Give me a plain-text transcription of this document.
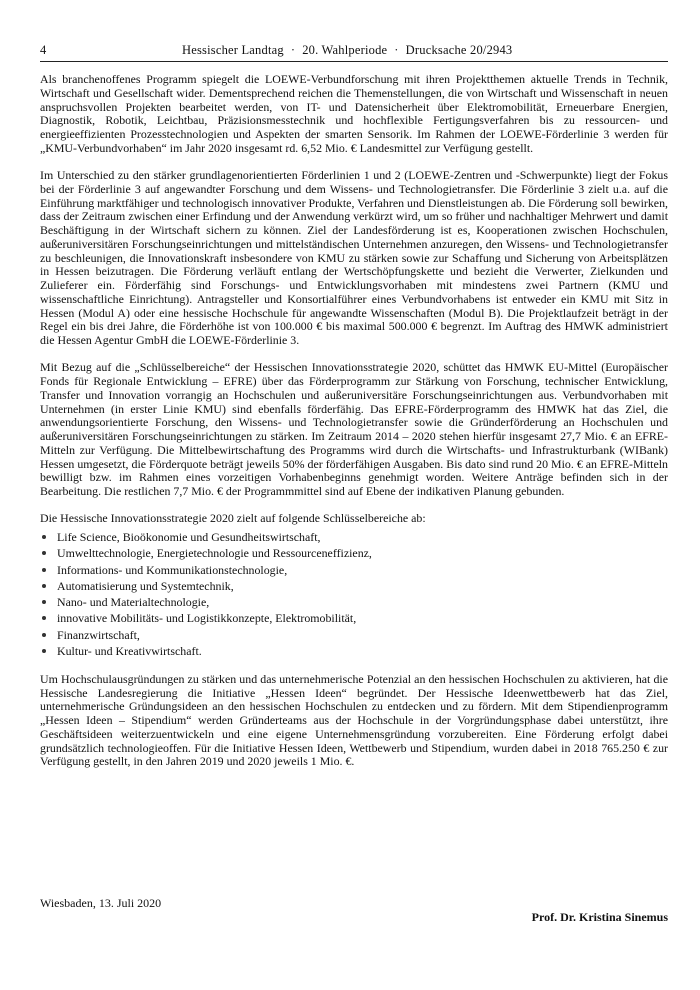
4	Hessischer Landtag · 20. Wahlperiode · Drucksache 20/2943

Als branchenoffenes Programm spiegelt die LOEWE-Verbundforschung mit ihren Projektthemen aktuelle Trends in Technik, Wirtschaft und Gesellschaft wider. Dementsprechend reichen die Themenstellungen, die von Wirtschaft und Wissenschaft in neuen anspruchsvollen Projekten bearbeitet werden, von IT- und Datensicherheit über Elektromobilität, Erneuerbare Energien, Diagnostik, Robotik, Leichtbau, Präzisionsmesstechnik und hochflexible Fertigungsverfahren bis zu ressourcen- und energieeffizienten Prozesstechnologien und Aspekten der smarten Sensorik. Im Rahmen der LOEWE-Förderlinie 3 werden für „KMU-Verbundvorhaben“ im Jahr 2020 insgesamt rd. 6,52 Mio. € Landesmittel zur Verfügung gestellt.

Im Unterschied zu den stärker grundlagenorientierten Förderlinien 1 und 2 (LOEWE-Zentren und -Schwerpunkte) liegt der Fokus bei der Förderlinie 3 auf angewandter Forschung und dem Wissens- und Technologietransfer. Die Förderlinie 3 zielt u.a. auf die Einführung marktfähiger und technologisch innovativer Produkte, Verfahren und Dienstleistungen ab. Die Förderung soll bewirken, dass der Zeitraum zwischen einer Erfindung und der Anwendung verkürzt wird, um so früher und nachhaltiger Mehrwert und damit Beschäftigung in der Wirtschaft sichern zu können. Ziel der Landesförderung ist es, Kooperationen zwischen Hochschulen, außeruniversitären Forschungseinrichtungen und mittelständischen Unternehmen anzuregen, den Wissens- und Technologietransfer zu beschleunigen, die Innovationskraft insbesondere von KMU zu stärken sowie zur Schaffung und Sicherung von Arbeitsplätzen in Hessen beizutragen. Die Förderung verläuft entlang der Wertschöpfungskette und bezieht die Verwerter, Zielkunden und Zulieferer ein. Förderfähig sind Forschungs- und Entwicklungsvorhaben mit mindestens zwei Partnern (KMU und wissenschaftliche Einrichtung). Antragsteller und Konsortialführer eines Verbundvorhabens ist entweder ein KMU mit Sitz in Hessen (Modul A) oder eine hessische Hochschule für angewandte Wissenschaften (Modul B). Die Projektlaufzeit beträgt in der Regel ein bis drei Jahre, die Förderhöhe ist von 100.000 € bis maximal 500.000 € begrenzt. Im Auftrag des HMWK administriert die Hessen Agentur GmbH die LOEWE-Förderlinie 3.

Mit Bezug auf die „Schlüsselbereiche“ der Hessischen Innovationsstrategie 2020, schüttet das HMWK EU-Mittel (Europäischer Fonds für Regionale Entwicklung – EFRE) über das Förderprogramm zur Stärkung von Forschung, technischer Entwicklung, Transfer und Innovation vorrangig an Hochschulen und außeruniversitäre Forschungseinrichtungen aus. Verbundvorhaben mit Unternehmen (in erster Linie KMU) sind ebenfalls förderfähig. Das EFRE-Förderprogramm des HMWK hat das Ziel, die anwendungsorientierte Forschung, den Wissens- und Technologietransfer sowie die Gründerförderung an Hochschulen und außeruniversitären Forschungseinrichtungen zu stärken. Im Zeitraum 2014 – 2020 stehen hierfür insgesamt 27,7 Mio. € an EFRE-Mitteln zur Verfügung. Die Mittelbewirtschaftung des Programms wird durch die Wirtschafts- und Infrastrukturbank (WIBank) Hessen umgesetzt, die Förderquote beträgt jeweils 50% der förderfähigen Ausgaben. Bis dato sind rund 20 Mio. € an EFRE-Mitteln bewilligt bzw. im Rahmen eines vorzeitigen Vorhabenbeginns genehmigt worden. Weitere Anträge befinden sich in der Bearbeitung. Die restlichen 7,7 Mio. € der Programmmittel sind auf Ebene der indikativen Planung gebunden.

Die Hessische Innovationsstrategie 2020 zielt auf folgende Schlüsselbereiche ab:

Life Science, Bioökonomie und Gesundheitswirtschaft,
Umwelttechnologie, Energietechnologie und Ressourceneffizienz,
Informations- und Kommunikationstechnologie,
Automatisierung und Systemtechnik,
Nano- und Materialtechnologie,
innovative Mobilitäts- und Logistikkonzepte, Elektromobilität,
Finanzwirtschaft,
Kultur- und Kreativwirtschaft.

Um Hochschulausgründungen zu stärken und das unternehmerische Potenzial an den hessischen Hochschulen zu aktivieren, hat die Hessische Landesregierung die Initiative „Hessen Ideen“ begründet. Der Hessische Ideenwettbewerb hat das Ziel, unternehmerische Gründungsideen an den hessischen Hochschulen zu entdecken und zu fördern. Mit dem Stipendienprogramm „Hessen Ideen – Stipendium“ werden Gründerteams aus der Hochschule in der Vorgründungsphase dabei unterstützt, ihre Geschäftsideen weiterzuentwickeln und eine eigene Unternehmensgründung vorzubereiten. Eine Förderung erfolgt dabei grundsätzlich technologieoffen. Für die Initiative Hessen Ideen, Wettbewerb und Stipendium, wurden dabei in 2018 765.250 € zur Verfügung gestellt, in den Jahren 2019 und 2020 jeweils 1 Mio. €.

Wiesbaden, 13. Juli 2020
Prof. Dr. Kristina Sinemus
